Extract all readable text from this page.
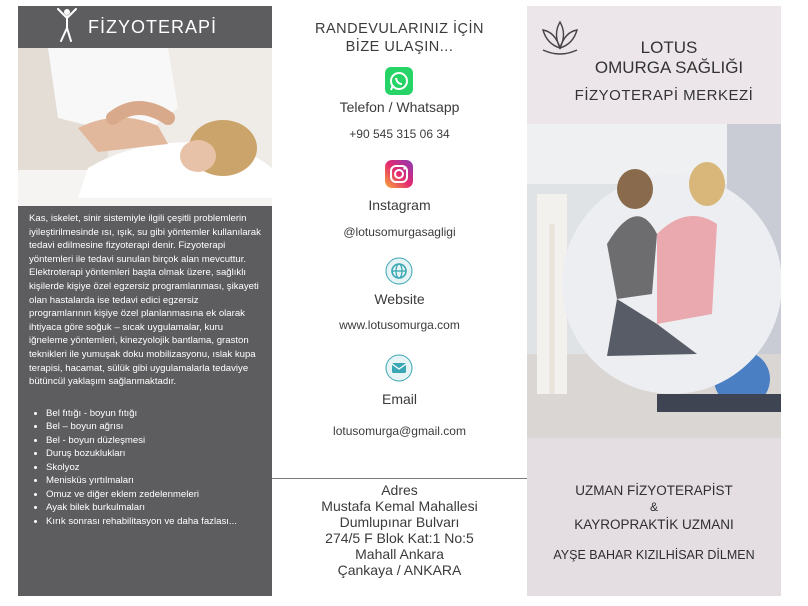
FİZYOTERAPİ
Kas, iskelet, sinir sistemiyle ilgili çeşitli problemlerin iyileştirilmesinde ısı, ışık, su gibi yöntemler kullanılarak tedavi edilmesine fizyoterapi denir. Fizyoterapi yöntemleri ile tedavi sunulan birçok alan mevcuttur. Elektroterapi yöntemleri başta olmak üzere, sağlıklı kişilerde kişiye özel egzersiz programlanması, şikayeti olan hastalarda ise tedavi edici egzersiz programlarının kişiye özel planlanmasına ek olarak ihtiyaca göre soğuk – sıcak uygulamalar, kuru iğneleme yöntemleri, kinezyolojik bantlama, graston teknikleri ile yumuşak doku mobilizasyonu, ıslak kupa terapisi, hacamat, sülük gibi uygulamalarla tedaviye bütüncül yaklaşım sağlanmaktadır.
• Bel fıtığı - boyun fıtığı
• Bel – boyun ağrısı
• Bel - boyun düzleşmesi
• Duruş bozuklukları
• Skolyoz
• Menisküs yırtılmaları
• Omuz ve diğer eklem zedelenmeleri
• Ayak bilek burkulmaları
• Kırık sonrası rehabilitasyon ve daha fazlası...
RANDEVULARINIZ İÇİN
BİZE ULAŞIN...
Telefon / Whatsapp
+90 545 315 06 34
Instagram
@lotusomurgasagligi
Website
www.lotusomurga.com
Email
lotusomurga@gmail.com
Adres
Mustafa Kemal Mahallesi
Dumlupınar Bulvarı
274/5 F Blok Kat:1 No:5
Mahall Ankara
Çankaya / ANKARA
LOTUS
OMURGA SAĞLIĞI
FİZYOTERAPİ MERKEZİ
UZMAN FİZYOTERAPİST
&
KAYROPRAKTİK UZMANI
AYŞE BAHAR KIZILHİSAR DİLMEN
